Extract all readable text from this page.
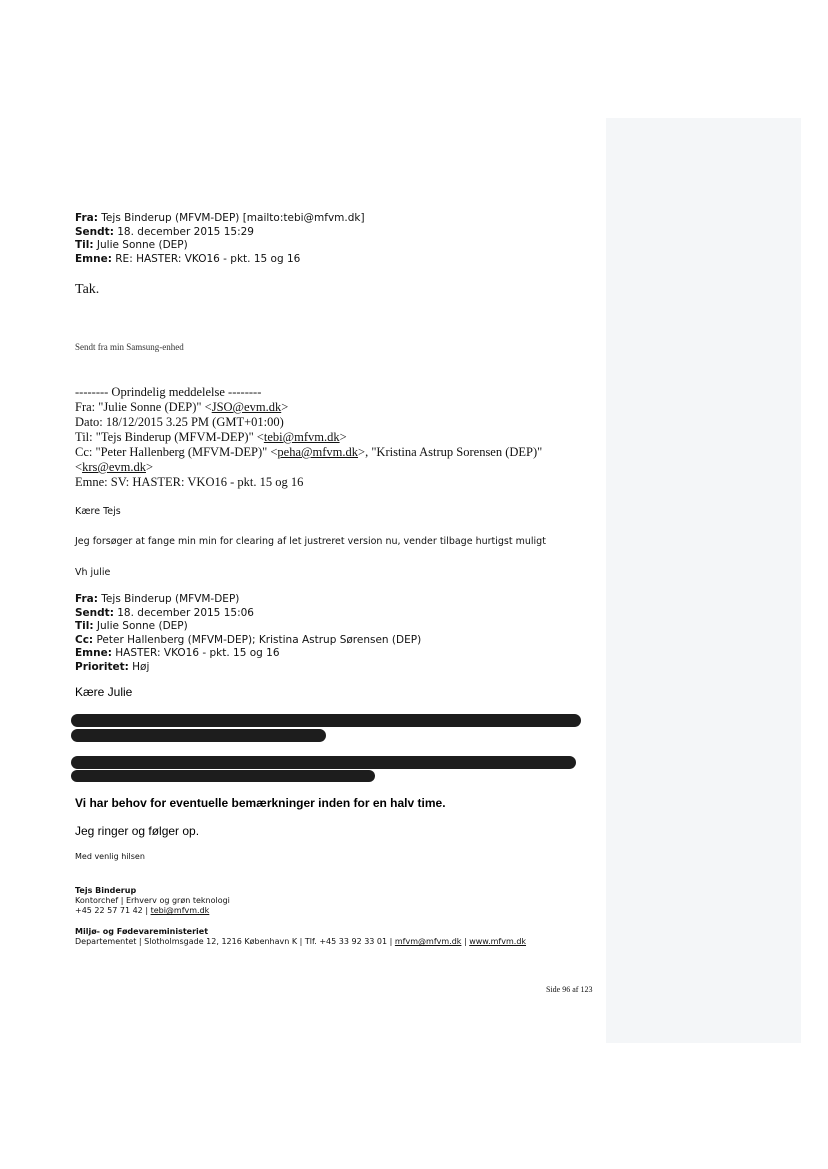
Fra: Tejs Binderup (MFVM-DEP) [mailto:tebi@mfvm.dk]
Sendt: 18. december 2015 15:29
Til: Julie Sonne (DEP)
Emne: RE: HASTER: VKO16 - pkt. 15 og 16
Tak.
Sendt fra min Samsung-enhed
-------- Oprindelig meddelelse --------
Fra: "Julie Sonne (DEP)" <JSO@evm.dk>
Dato: 18/12/2015 3.25 PM (GMT+01:00)
Til: "Tejs Binderup (MFVM-DEP)" <tebi@mfvm.dk>
Cc: "Peter Hallenberg (MFVM-DEP)" <peha@mfvm.dk>, "Kristina Astrup Sorensen (DEP)"
<krs@evm.dk>
Emne: SV: HASTER: VKO16 - pkt. 15 og 16
Kære Tejs
Jeg forsøger at fange min min for clearing af let justreret version nu, vender tilbage hurtigst muligt
Vh julie
Fra: Tejs Binderup (MFVM-DEP)
Sendt: 18. december 2015 15:06
Til: Julie Sonne (DEP)
Cc: Peter Hallenberg (MFVM-DEP); Kristina Astrup Sørensen (DEP)
Emne: HASTER: VKO16 - pkt. 15 og 16
Prioritet: Høj
Kære Julie
Vi har behov for eventuelle bemærkninger inden for en halv time.
Jeg ringer og følger op.
Med venlig hilsen
Tejs Binderup
Kontorchef | Erhverv og grøn teknologi
+45 22 57 71 42 | tebi@mfvm.dk
Miljø- og Fødevareministeriet
Departementet | Slotholmsgade 12, 1216 København K | Tlf. +45 33 92 33 01 | mfvm@mfvm.dk | www.mfvm.dk
Side 96 af 123
